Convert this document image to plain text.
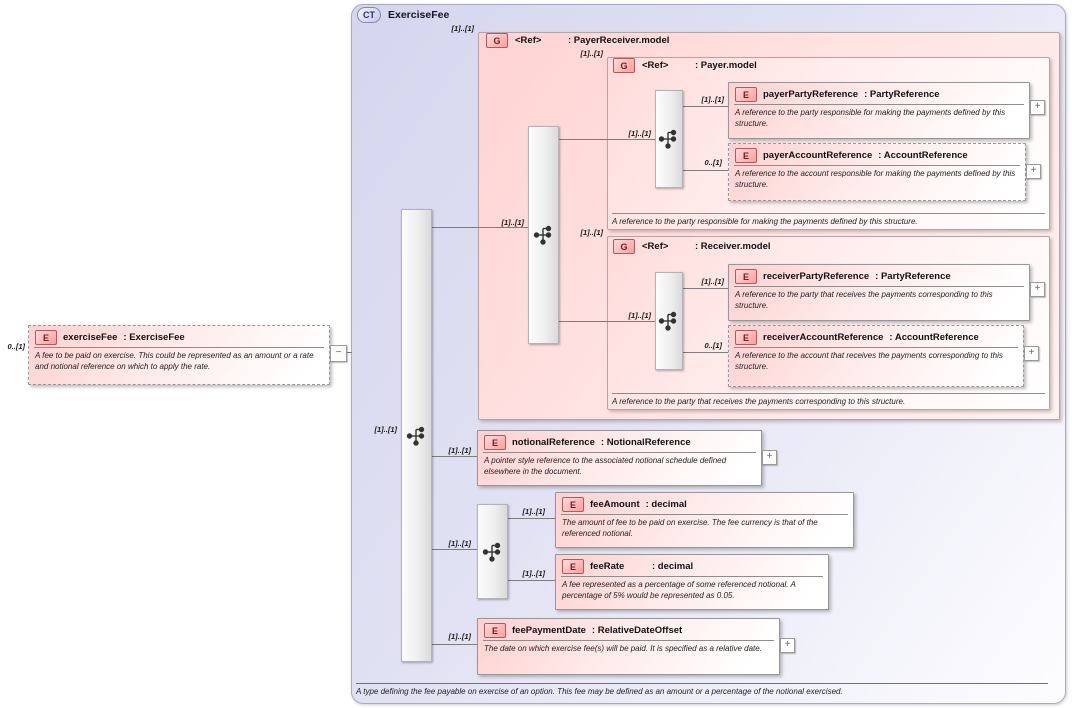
A reference to the party responsible for making the payments defined by this structure.
A reference to the party that receives the payments corresponding to this structure.
G	<Ref>	: PayerReceiver.model
G	<Ref>	: Payer.model
G	<Ref>	: Receiver.model
0..[1]
[1]..[1]
[1]..[1]
[1]..[1]
[1]..[1]
[1]..[1]
0..[1]
[1]..[1]
[1]..[1]
[1]..[1]
0..[1]
[1]..[1]
[1]..[1]
[1]..[1]
[1]..[1]
[1]..[1]
[1]..[1]
E	exerciseFee : ExerciseFee
A fee to be paid on exercise. This could be represented as an amount or a rate and notional reference on which to apply the rate.
−
E	payerPartyReference : PartyReference
A reference to the party responsible for making the payments defined by this structure.
+
E	payerAccountReference : AccountReference
A reference to the account responsible for making the payments defined by this structure.
+
E	receiverPartyReference : PartyReference
A reference to the party that receives the payments corresponding to this structure.
+
E	receiverAccountReference : AccountReference
A reference to the account that receives the payments corresponding to this structure.
+
E	notionalReference : NotionalReference
A pointer style reference to the associated notional schedule defined elsewhere in the document.
+
E	feeAmount : decimal
The amount of fee to be paid on exercise. The fee currency is that of the referenced notional.
E	feeRate	: decimal
A fee represented as a percentage of some referenced notional. A percentage of 5% would be represented as 0.05.
E	feePaymentDate : RelativeDateOffset
The date on which exercise fee(s) will be paid. It is specified as a relative date.	+
CT	ExerciseFee
A type defining the fee payable on exercise of an option. This fee may be defined as an amount or a percentage of the notional exercised.
